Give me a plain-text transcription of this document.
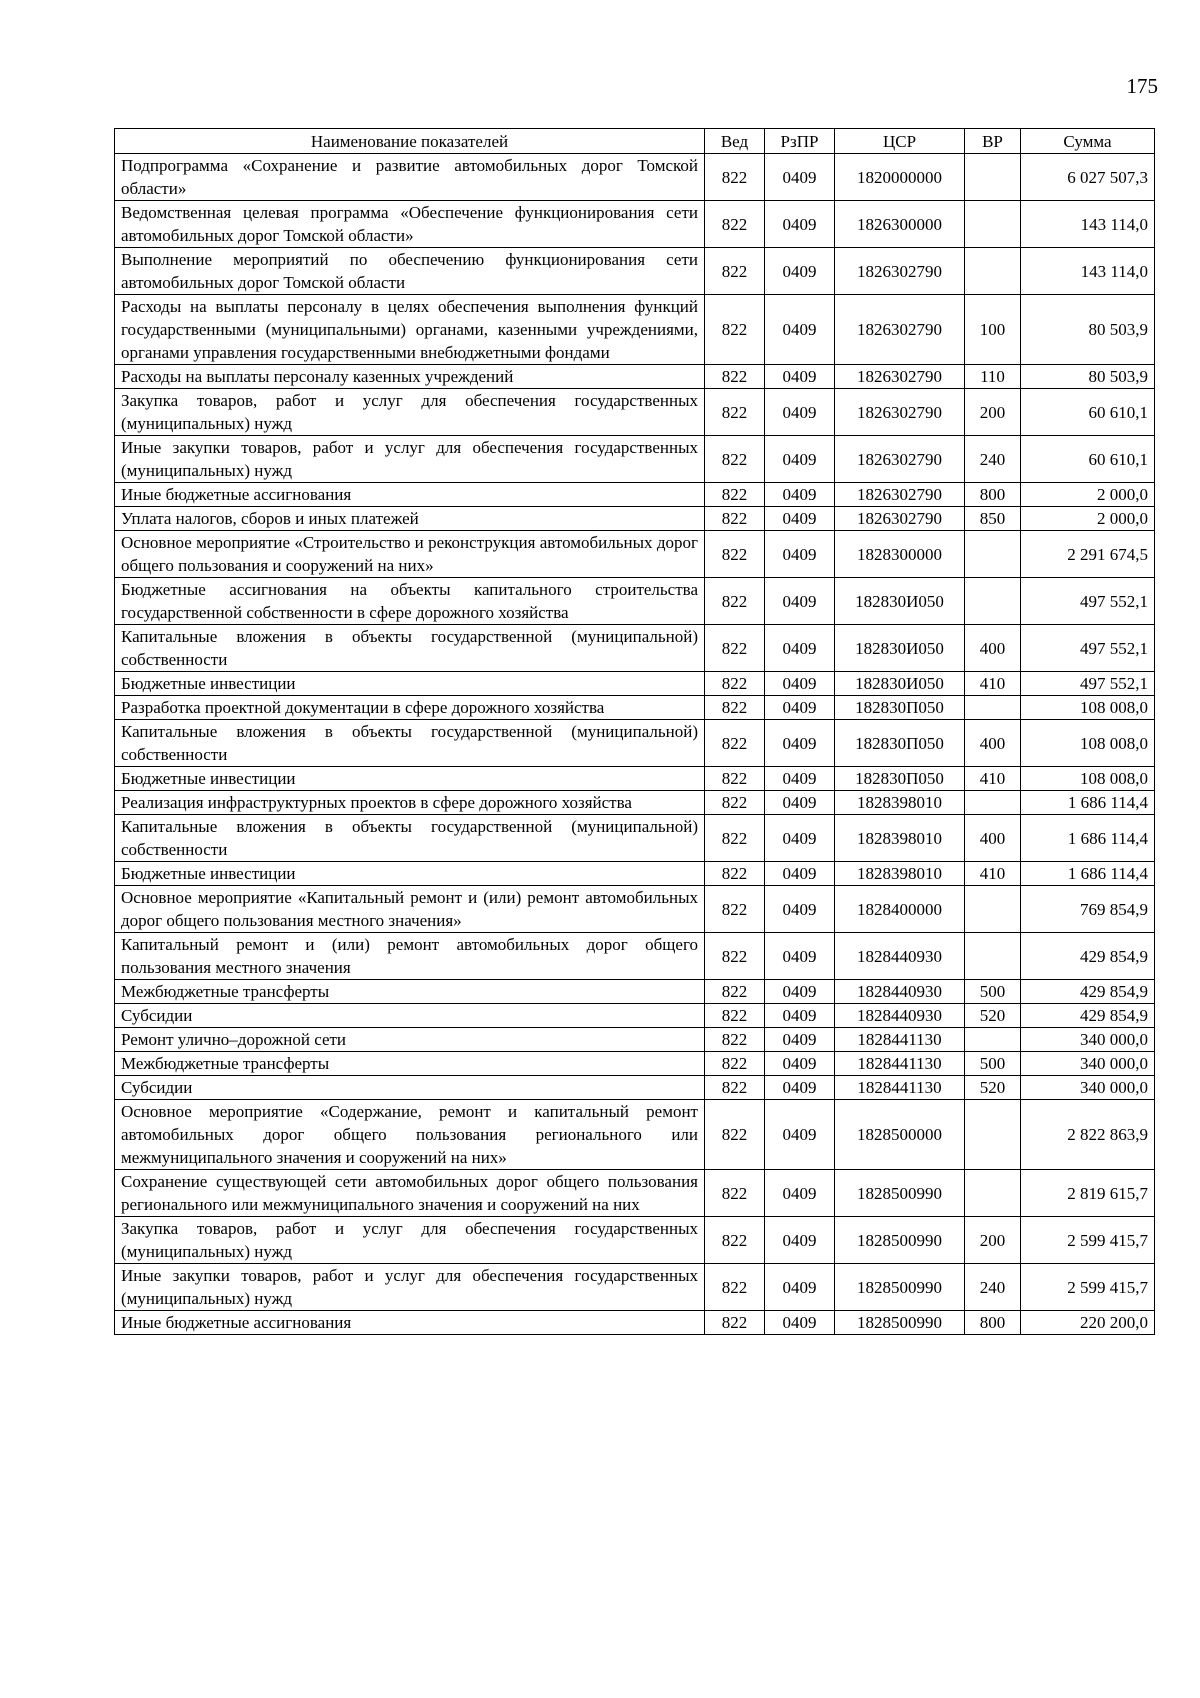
175
Наименование показателей	Вед	РзПР	ЦСР	ВР	Сумма
Подпрограмма «Сохранение и развитие автомобильных дорог Томской области»	822	0409	1820000000		6 027 507,3
Ведомственная целевая программа «Обеспечение функционирования сети автомобильных дорог Томской области»	822	0409	1826300000		143 114,0
Выполнение мероприятий по обеспечению функционирования сети автомобильных дорог Томской области	822	0409	1826302790		143 114,0
Расходы на выплаты персоналу в целях обеспечения выполнения функций государственными (муниципальными) органами, казенными учреждениями, органами управления государственными внебюджетными фондами	822	0409	1826302790	100	80 503,9
Расходы на выплаты персоналу казенных учреждений	822	0409	1826302790	110	80 503,9
Закупка товаров, работ и услуг для обеспечения государственных (муниципальных) нужд	822	0409	1826302790	200	60 610,1
Иные закупки товаров, работ и услуг для обеспечения государственных (муниципальных) нужд	822	0409	1826302790	240	60 610,1
Иные бюджетные ассигнования	822	0409	1826302790	800	2 000,0
Уплата налогов, сборов и иных платежей	822	0409	1826302790	850	2 000,0
Основное мероприятие «Строительство и реконструкция автомобильных дорог общего пользования и сооружений на них»	822	0409	1828300000		2 291 674,5
Бюджетные ассигнования на объекты капитального строительства государственной собственности в сфере дорожного хозяйства	822	0409	182830И050		497 552,1
Капитальные вложения в объекты государственной (муниципальной) собственности	822	0409	182830И050	400	497 552,1
Бюджетные инвестиции	822	0409	182830И050	410	497 552,1
Разработка проектной документации в сфере дорожного хозяйства	822	0409	182830П050		108 008,0
Капитальные вложения в объекты государственной (муниципальной) собственности	822	0409	182830П050	400	108 008,0
Бюджетные инвестиции	822	0409	182830П050	410	108 008,0
Реализация инфраструктурных проектов в сфере дорожного хозяйства	822	0409	1828398010		1 686 114,4
Капитальные вложения в объекты государственной (муниципальной) собственности	822	0409	1828398010	400	1 686 114,4
Бюджетные инвестиции	822	0409	1828398010	410	1 686 114,4
Основное мероприятие «Капитальный ремонт и (или) ремонт автомобильных дорог общего пользования местного значения»	822	0409	1828400000		769 854,9
Капитальный ремонт и (или) ремонт автомобильных дорог общего пользования местного значения	822	0409	1828440930		429 854,9
Межбюджетные трансферты	822	0409	1828440930	500	429 854,9
Субсидии	822	0409	1828440930	520	429 854,9
Ремонт улично–дорожной сети	822	0409	1828441130		340 000,0
Межбюджетные трансферты	822	0409	1828441130	500	340 000,0
Субсидии	822	0409	1828441130	520	340 000,0
Основное мероприятие «Содержание, ремонт и капитальный ремонт автомобильных дорог общего пользования регионального или межмуниципального значения и сооружений на них»	822	0409	1828500000		2 822 863,9
Сохранение существующей сети автомобильных дорог общего пользования регионального или межмуниципального значения и сооружений на них	822	0409	1828500990		2 819 615,7
Закупка товаров, работ и услуг для обеспечения государственных (муниципальных) нужд	822	0409	1828500990	200	2 599 415,7
Иные закупки товаров, работ и услуг для обеспечения государственных (муниципальных) нужд	822	0409	1828500990	240	2 599 415,7
Иные бюджетные ассигнования	822	0409	1828500990	800	220 200,0
